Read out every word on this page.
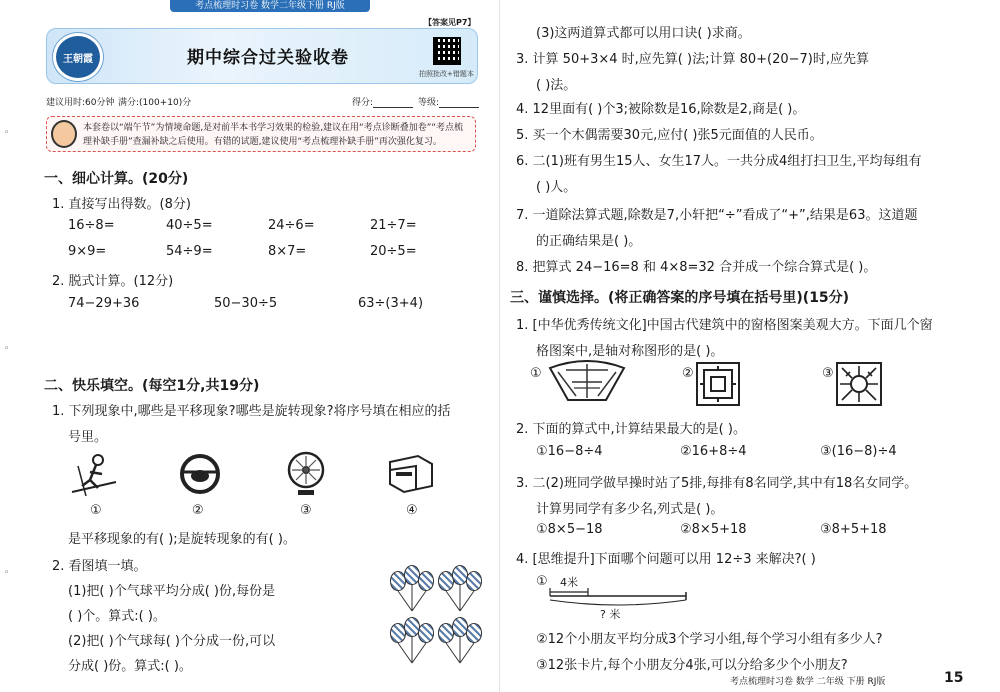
考点梳理时习卷 数学二年级下册 RJ版
王朝霞	期中综合过关验收卷
拍照批改+错题本
【答案见P7】
建议用时:60分钟 满分:(100+10)分	得分:	等级:
本套卷以“端午节”为情境命题,是对前半本书学习效果的检验,建议在用“考点诊断叠加卷”“考点梳理补缺手册”查漏补缺之后使用。有错的试题,建议使用“考点梳理补缺手册”再次强化复习。
◦
◦
◦
一、细心计算。(20分)
1. 直接写出得数。(8分)
16÷8=	40÷5=	24÷6=	21÷7=
9×9=	54÷9=	8×7=	20÷5=
2. 脱式计算。(12分)
74−29+36	50−30÷5	63÷(3+4)
二、快乐填空。(每空1分,共19分)
1. 下列现象中,哪些是平移现象?哪些是旋转现象?将序号填在相应的括
号里。
①	②	③	④
是平移现象的有( );是旋转现象的有( )。
2. 看图填一填。
(1)把( )个气球平均分成( )份,每份是
( )个。算式:( )。
(2)把( )个气球每( )个分成一份,可以
分成( )份。算式:( )。
(3)这两道算式都可以用口诀( )求商。
3. 计算 50+3×4 时,应先算( )法;计算 80+(20−7)时,应先算
( )法。
4. 12里面有( )个3;被除数是16,除数是2,商是( )。
5. 买一个木偶需要30元,应付( )张5元面值的人民币。
6. 二(1)班有男生15人、女生17人。一共分成4组打扫卫生,平均每组有
( )人。
7. 一道除法算式题,除数是7,小轩把“÷”看成了“+”,结果是63。这道题
的正确结果是( )。
8. 把算式 24−16=8 和 4×8=32 合并成一个综合算式是( )。
三、谨慎选择。(将正确答案的序号填在括号里)(15分)
1. [中华优秀传统文化]中国古代建筑中的窗格图案美观大方。下面几个窗
格图案中,是轴对称图形的是( )。
①	②	③
2. 下面的算式中,计算结果最大的是( )。
①16−8÷4	②16+8÷4	③(16−8)÷4
3. 二(2)班同学做早操时站了5排,每排有8名同学,其中有18名女同学。
计算男同学有多少名,列式是( )。
①8×5−18	②8×5+18	③8+5+18
4. [思维提升]下面哪个问题可以用 12÷3 来解决?( )
① 4米
? 米
②12个小朋友平均分成3个学习小组,每个学习小组有多少人?
③12张卡片,每个小朋友分4张,可以分给多少个小朋友?
考点梳理时习卷 数学 二年级 下册 RJ版	15
